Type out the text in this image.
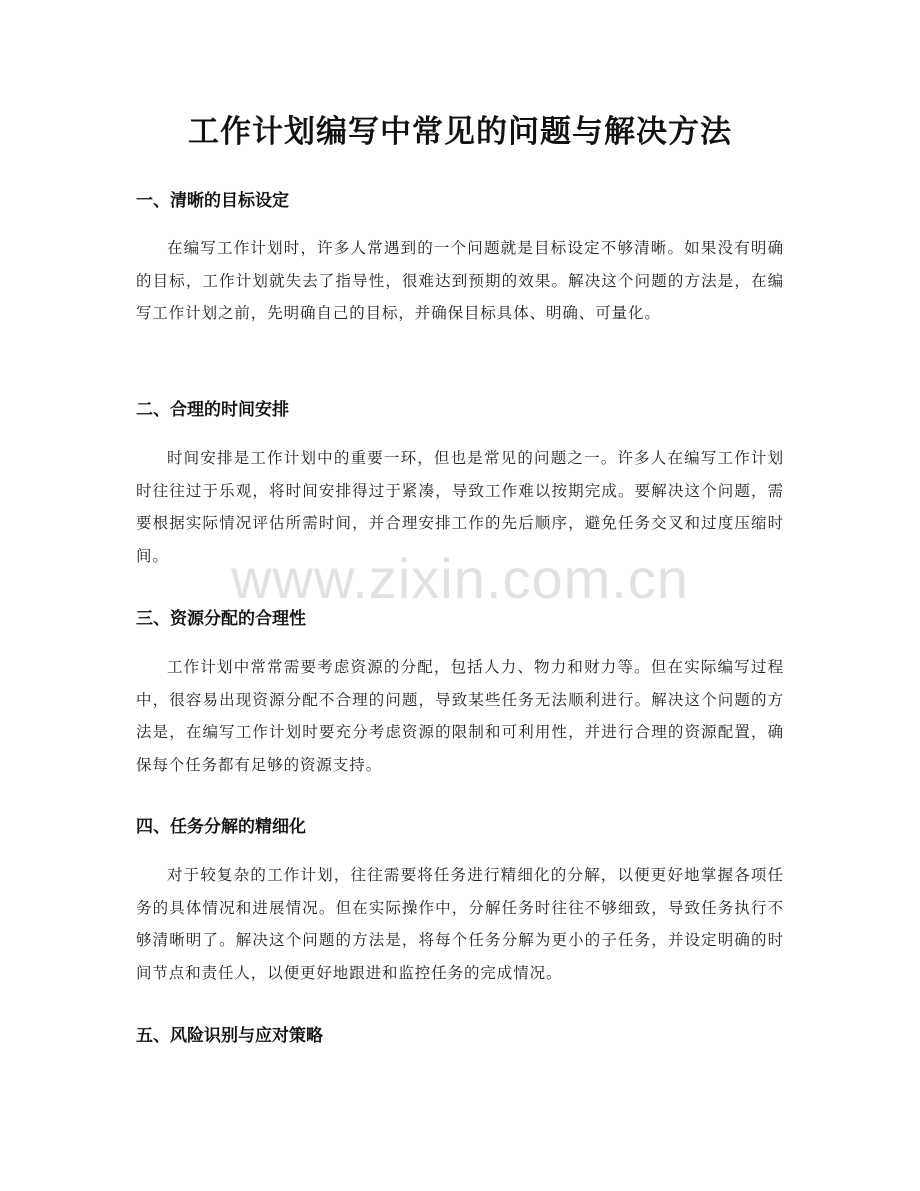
工作计划编写中常见的问题与解决方法
一、清晰的目标设定
在编写工作计划时，许多人常遇到的一个问题就是目标设定不够清晰。如果没有明确的目标，工作计划就失去了指导性，很难达到预期的效果。解决这个问题的方法是，在编写工作计划之前，先明确自己的目标，并确保目标具体、明确、可量化。
二、合理的时间安排
时间安排是工作计划中的重要一环，但也是常见的问题之一。许多人在编写工作计划时往往过于乐观，将时间安排得过于紧凑，导致工作难以按期完成。要解决这个问题，需要根据实际情况评估所需时间，并合理安排工作的先后顺序，避免任务交叉和过度压缩时间。
三、资源分配的合理性
工作计划中常常需要考虑资源的分配，包括人力、物力和财力等。但在实际编写过程中，很容易出现资源分配不合理的问题，导致某些任务无法顺利进行。解决这个问题的方法是，在编写工作计划时要充分考虑资源的限制和可利用性，并进行合理的资源配置，确保每个任务都有足够的资源支持。
四、任务分解的精细化
对于较复杂的工作计划，往往需要将任务进行精细化的分解，以便更好地掌握各项任务的具体情况和进展情况。但在实际操作中，分解任务时往往不够细致，导致任务执行不够清晰明了。解决这个问题的方法是，将每个任务分解为更小的子任务，并设定明确的时间节点和责任人，以便更好地跟进和监控任务的完成情况。
五、风险识别与应对策略
www.zixin.com.cn
